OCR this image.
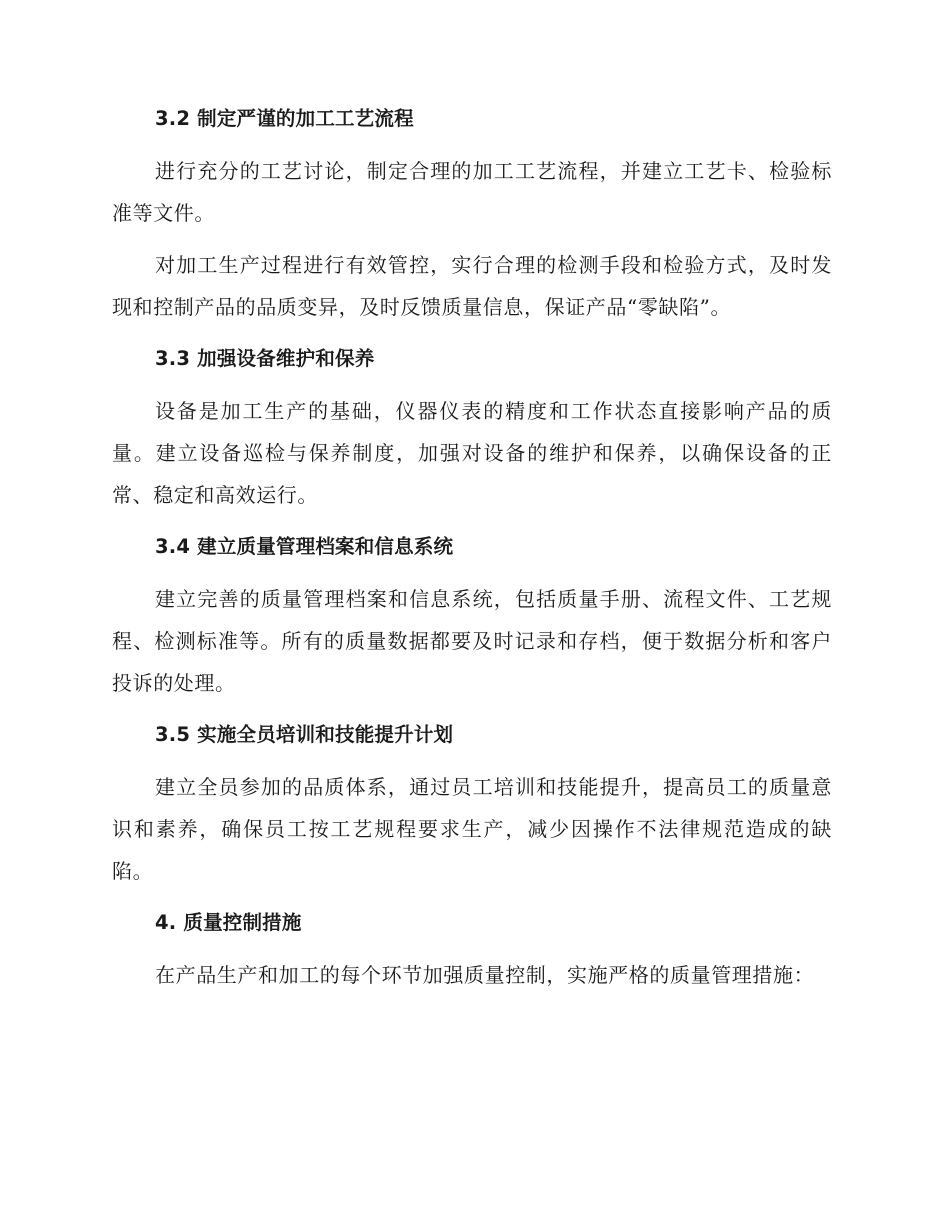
3.2 制定严谨的加工工艺流程

进行充分的工艺讨论，制定合理的加工工艺流程，并建立工艺卡、检验标准等文件。

对加工生产过程进行有效管控，实行合理的检测手段和检验方式，及时发现和控制产品的品质变异，及时反馈质量信息，保证产品“零缺陷”。

3.3 加强设备维护和保养

设备是加工生产的基础，仪器仪表的精度和工作状态直接影响产品的质量。建立设备巡检与保养制度，加强对设备的维护和保养，以确保设备的正常、稳定和高效运行。

3.4 建立质量管理档案和信息系统

建立完善的质量管理档案和信息系统，包括质量手册、流程文件、工艺规程、检测标准等。所有的质量数据都要及时记录和存档，便于数据分析和客户投诉的处理。

3.5 实施全员培训和技能提升计划

建立全员参加的品质体系，通过员工培训和技能提升，提高员工的质量意识和素养，确保员工按工艺规程要求生产，减少因操作不法律规范造成的缺陷。

4. 质量控制措施

在产品生产和加工的每个环节加强质量控制，实施严格的质量管理措施：
